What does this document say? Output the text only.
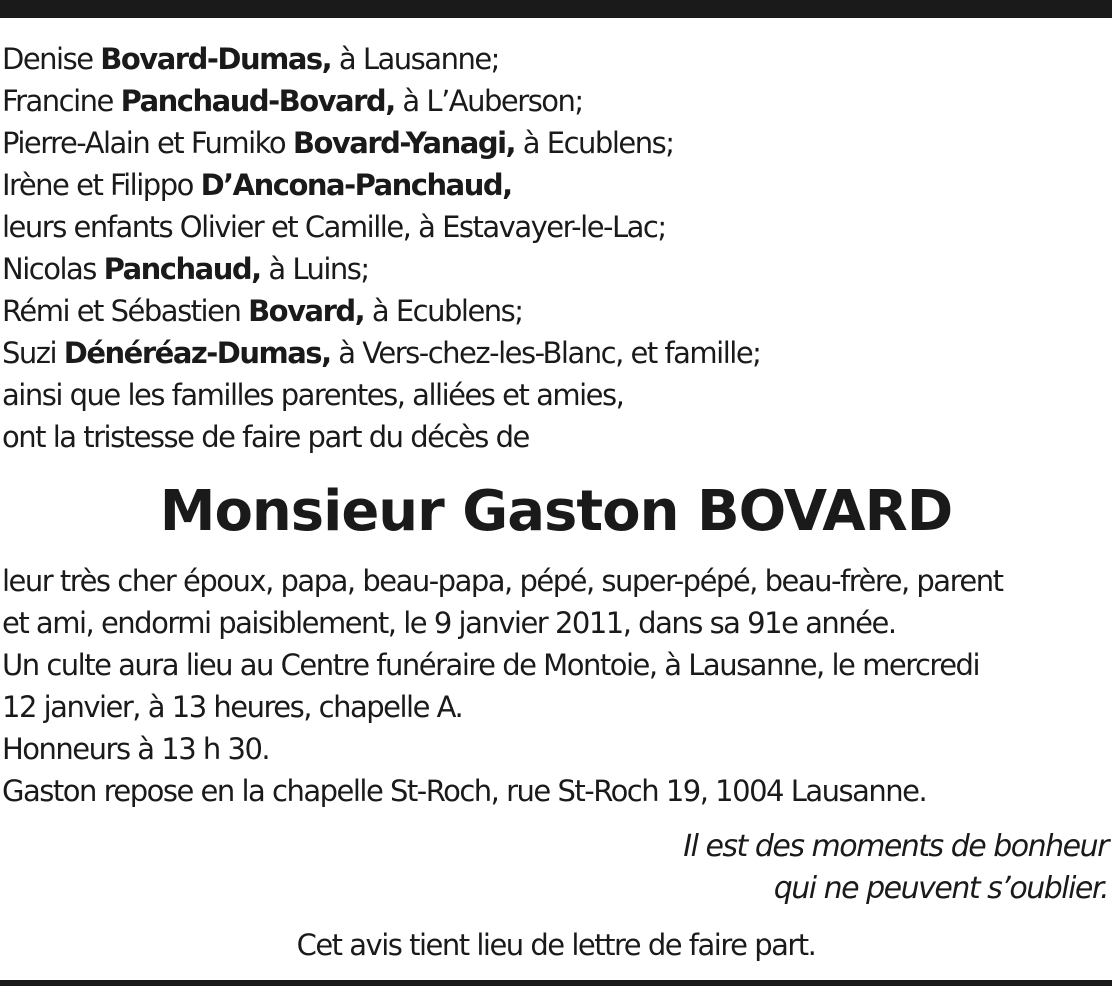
Denise Bovard-Dumas, à Lausanne;
Francine Panchaud-Bovard, à L’Auberson;
Pierre-Alain et Fumiko Bovard-Yanagi, à Ecublens;
Irène et Filippo D’Ancona-Panchaud,
leurs enfants Olivier et Camille, à Estavayer-le-Lac;
Nicolas Panchaud, à Luins;
Rémi et Sébastien Bovard, à Ecublens;
Suzi Dénéréaz-Dumas, à Vers-chez-les-Blanc, et famille;
ainsi que les familles parentes, alliées et amies,
ont la tristesse de faire part du décès de
Monsieur Gaston BOVARD
leur très cher époux, papa, beau-papa, pépé, super-pépé, beau-frère, parent
et ami, endormi paisiblement, le 9 janvier 2011, dans sa 91e année.
Un culte aura lieu au Centre funéraire de Montoie, à Lausanne, le mercredi
12 janvier, à 13 heures, chapelle A.
Honneurs à 13 h 30.
Gaston repose en la chapelle St-Roch, rue St-Roch 19, 1004 Lausanne.
Il est des moments de bonheur
qui ne peuvent s’oublier.
Cet avis tient lieu de lettre de faire part.
